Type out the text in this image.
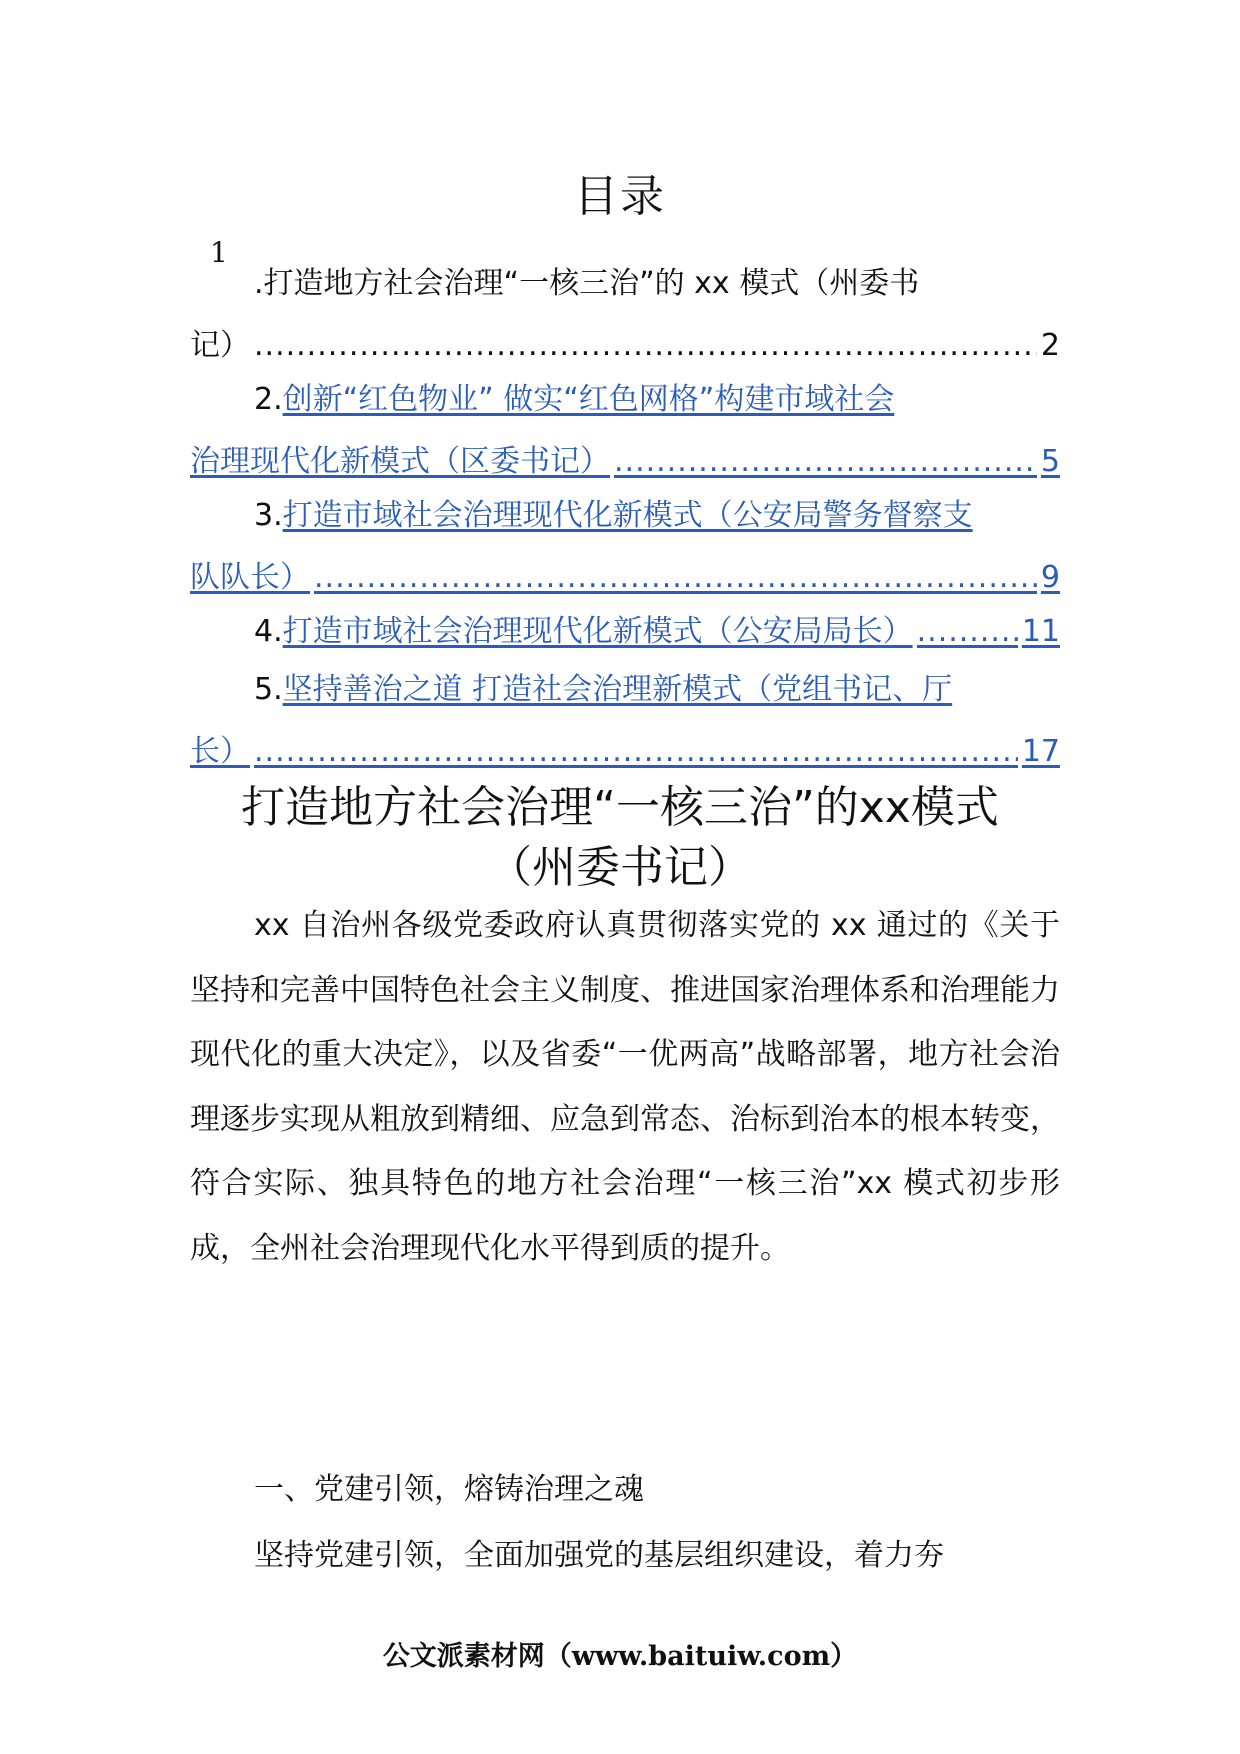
目录
1
.打造地方社会治理“一核三治”的 xx 模式（州委书
记） .....	2
2.创新“红色物业” 做实“红色网格”构建市域社会
治理现代化新模式（区委书记） .....	5
3.打造市域社会治理现代化新模式（公安局警务督察支
队队长） .....	9
4. 打造市域社会治理现代化新模式（公安局局长） .....	11
5.坚持善治之道 打造社会治理新模式（党组书记、厅
长） .....	17
打造地方社会治理“一核三治”的xx模式
（州委书记）
xx 自治州各级党委政府认真贯彻落实党的 xx 通过的《关于坚持和完善中国特色社会主义制度、推进国家治理体系和治理能力现代化的重大决定》，以及省委“一优两高”战略部署，地方社会治理逐步实现从粗放到精细、应急到常态、治标到治本的根本转变，符合实际、独具特色的地方社会治理“一核三治”xx 模式初步形成，全州社会治理现代化水平得到质的提升。
一、党建引领，熔铸治理之魂
坚持党建引领，全面加强党的基层组织建设，着力夯
公文派素材网（www.baituiw.com）
